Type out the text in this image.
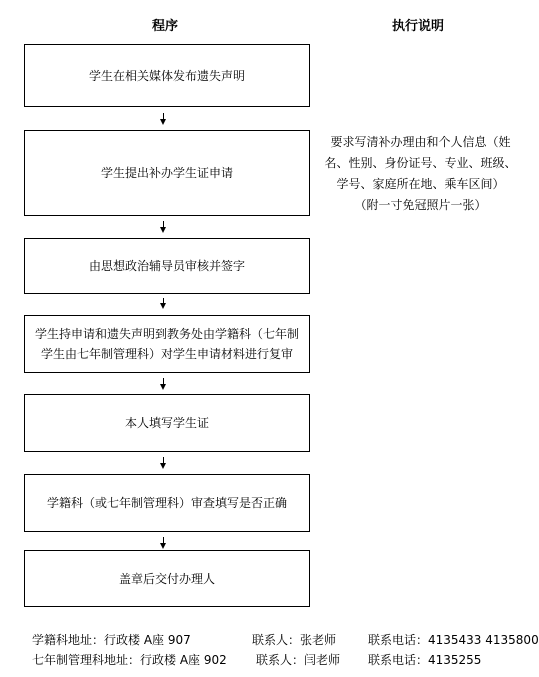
程序	执行说明
学生在相关媒体发布遗失声明
学生提出补办学生证申请
由思想政治辅导员审核并签字
学生持申请和遗失声明到教务处由学籍科（七年制
学生由七年制管理科）对学生申请材料进行复审
本人填写学生证
学籍科（或七年制管理科）审查填写是否正确
盖章后交付办理人
要求写清补办理由和个人信息（姓
名、性别、身份证号、专业、班级、
学号、家庭所在地、乘车区间）
（附一寸免冠照片一张）
学籍科地址：行政楼 A座 907	联系人：张老师	联系电话：4135433 4135800
七年制管理科地址：行政楼 A座 902 联系人：闫老师 联系电话：4135255
